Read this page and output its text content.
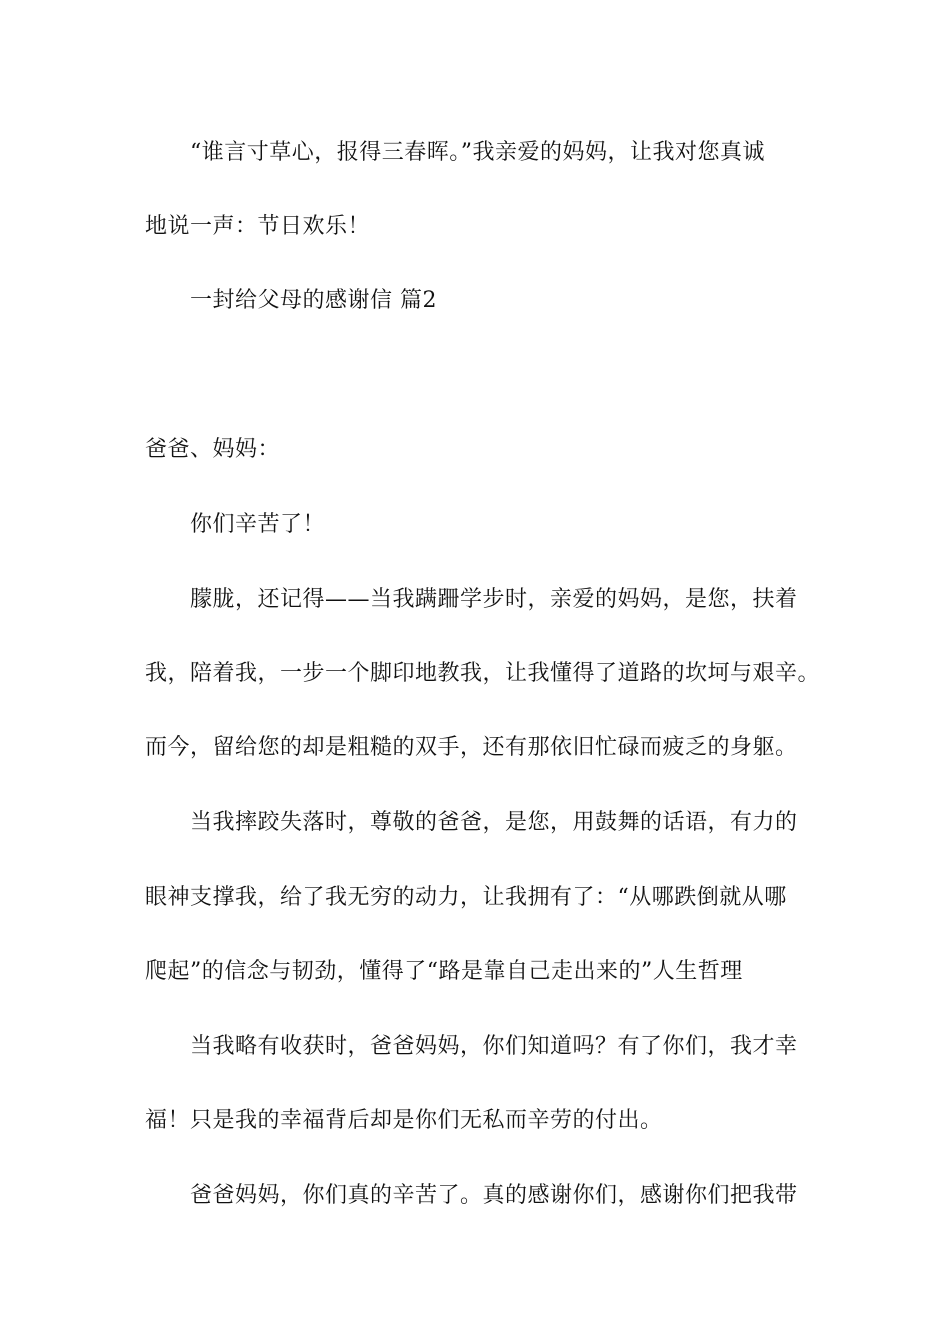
“谁言寸草心，报得三春晖。”我亲爱的妈妈，让我对您真诚
地说一声：节日欢乐！
一封给父母的感谢信 篇2
爸爸、妈妈：
你们辛苦了！
朦胧，还记得——当我蹒跚学步时，亲爱的妈妈，是您，扶着
我，陪着我，一步一个脚印地教我，让我懂得了道路的坎坷与艰辛。
而今，留给您的却是粗糙的双手，还有那依旧忙碌而疲乏的身躯。
当我摔跤失落时，尊敬的爸爸，是您，用鼓舞的话语，有力的
眼神支撑我，给了我无穷的动力，让我拥有了：“从哪跌倒就从哪
爬起”的信念与韧劲，懂得了“路是靠自己走出来的”人生哲理
当我略有收获时，爸爸妈妈，你们知道吗？有了你们，我才幸
福！只是我的幸福背后却是你们无私而辛劳的付出。
爸爸妈妈，你们真的辛苦了。真的感谢你们，感谢你们把我带
